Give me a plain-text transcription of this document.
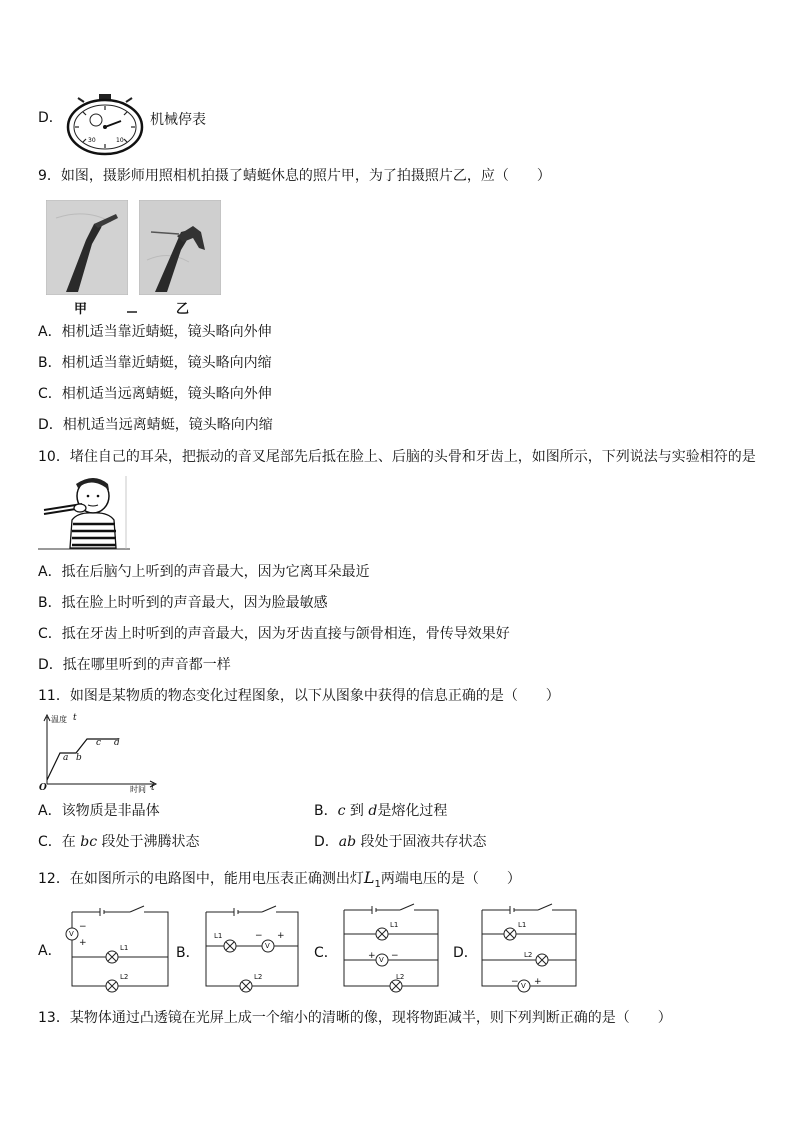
D．
30	10
机械停表
9．如图，摄影师用照相机拍摄了蜻蜓休息的照片甲，为了拍摄照片乙，应（　　）
甲	乙
A．相机适当靠近蜻蜓，镜头略向外伸
B．相机适当靠近蜻蜓，镜头略向内缩
C．相机适当远离蜻蜓，镜头略向外伸
D．相机适当远离蜻蜓，镜头略向内缩
10．堵住自己的耳朵，把振动的音叉尾部先后抵在脸上、后脑的头骨和牙齿上，如图所示，下列说法与实验相符的是
A．抵在后脑勺上听到的声音最大，因为它离耳朵最近
B．抵在脸上时听到的声音最大，因为脸最敏感
C．抵在牙齿上时听到的声音最大，因为牙齿直接与颌骨相连，骨传导效果好
D．抵在哪里听到的声音都一样
11．如图是某物质的物态变化过程图象，以下从图象中获得的信息正确的是（　　）
温度 t
a b
c d
O	时间 t
A．该物质是非晶体	B．c 到 d是熔化过程
C．在 bc 段处于沸腾状态	D．ab 段处于固液共存状态
12．在如图所示的电路图中，能用电压表正确测出灯$L_1$两端电压的是（　　）
A．
V
−
+	L1
L2
B．
L1
V
− +
L2
C．
L1
+ V −
L2
D．
L1
L2
− V +
13．某物体通过凸透镜在光屏上成一个缩小的清晰的像，现将物距减半，则下列判断正确的是（　　）
